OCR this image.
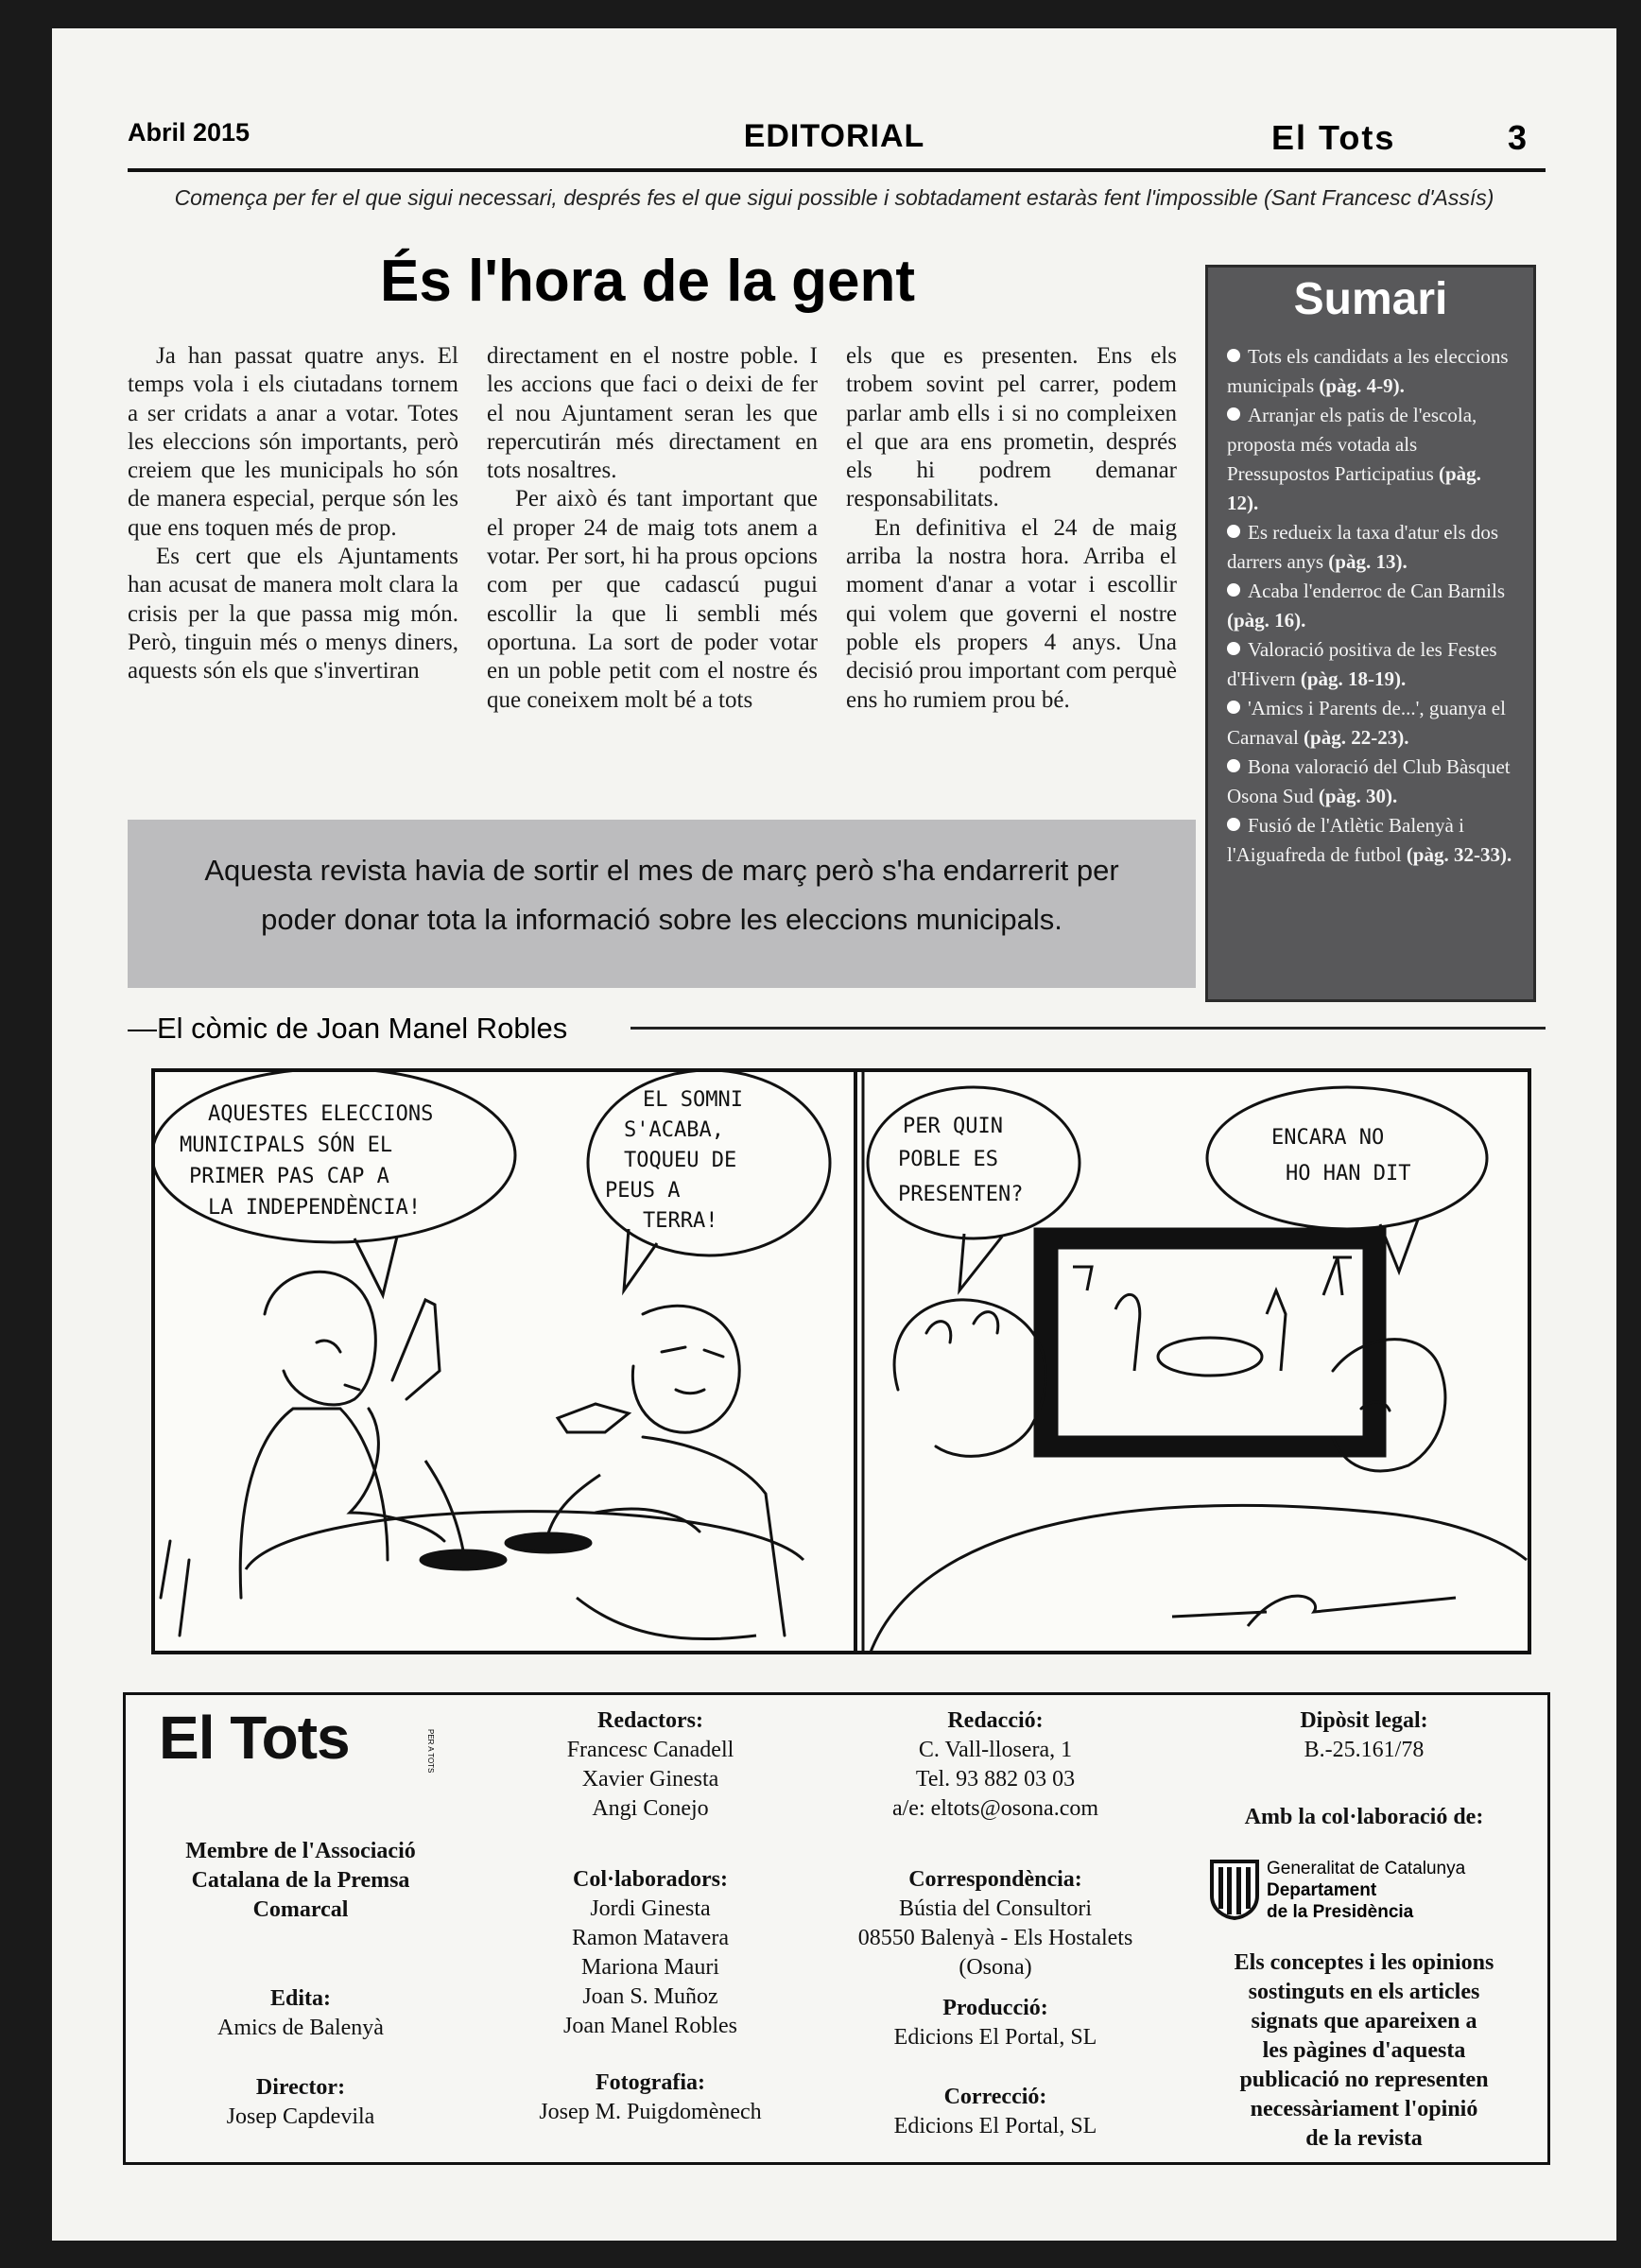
Abril 2015	EDITORIAL	El Tots	3
Comença per fer el que sigui necessari, després fes el que sigui possible i sobtadament estaràs fent l'impossible (Sant Francesc d'Assís)
És l'hora de la gent

Ja han passat quatre anys. El temps vola i els ciutadans tornem a ser cridats a anar a votar. Totes les eleccions són importants, però creiem que les municipals ho són de manera especial, perque són les que ens toquen més de prop.

Es cert que els Ajuntaments han acusat de manera molt clara la crisis per la que passa mig món. Però, tinguin més o menys diners, aquests són els que s'invertiran

directament en el nostre poble. I les accions que faci o deixi de fer el nou Ajuntament seran les que repercutirán més directament en tots nosaltres.

Per això és tant important que el proper 24 de maig tots anem a votar. Per sort, hi ha prous opcions com per que cadascú pugui escollir la que li sembli més oportuna. La sort de poder votar en un poble petit com el nostre és que coneixem molt bé a tots

els que es presenten. Ens els trobem sovint pel carrer, podem parlar amb ells i si no compleixen el que ara ens prometin, després els hi podrem demanar responsabilitats.

En definitiva el 24 de maig arriba la nostra hora. Arriba el moment d'anar a votar i escollir qui volem que governi el nostre poble els propers 4 anys. Una decisió prou important com perquè ens ho rumiem prou bé.

Sumari
Tots els candidats a les eleccions municipals (pàg. 4-9).
Arranjar els patis de l'escola, proposta més votada als Pressupostos Participatius (pàg. 12).
Es redueix la taxa d'atur els dos darrers anys (pàg. 13).
Acaba l'enderroc de Can Barnils (pàg. 16).
Valoració positiva de les Festes d'Hivern (pàg. 18-19).
'Amics i Parents de...', guanya el Carnaval (pàg. 22-23).
Bona valoració del Club Bàsquet Osona Sud (pàg. 30).
Fusió de l'Atlètic Balenyà i l'Aiguafreda de futbol (pàg. 32-33).
Aquesta revista havia de sortir el mes de març però s'ha endarrerit per
poder donar tota la informació sobre les eleccions municipals.
—El còmic de Joan Manel Robles
AQUESTES ELECCIONS MUNICIPALS SÓN EL PRIMER PAS CAP A LA INDEPENDÈNCIA!
EL SOMNI S'ACABA, TOQUEU DE PEUS A TERRA!
PER QUIN POBLE ES PRESENTEN?
ENCARA NO HO HAN DIT
El Tots	PER A TOTS
Membre de l'Associació
Catalana de la Premsa
Comarcal
Edita:
Amics de Balenyà
Director:
Josep Capdevila
Redactors:
Francesc Canadell
Xavier Ginesta
Angi Conejo
Col·laboradors:
Jordi Ginesta
Ramon Matavera
Mariona Mauri
Joan S. Muñoz
Joan Manel Robles
Fotografia:
Josep M. Puigdomènech
Redacció:
C. Vall-llosera, 1
Tel. 93 882 03 03
a/e: eltots@osona.com
Correspondència:
Bústia del Consultori
08550 Balenyà - Els Hostalets
(Osona)
Producció:
Edicions El Portal, SL
Correcció:
Edicions El Portal, SL
Dipòsit legal:
B.-25.161/78
Amb la col·laboració de:
Generalitat de Catalunya
Departament
de la Presidència
Els conceptes i les opinions
sostinguts en els articles
signats que apareixen a
les pàgines d'aquesta
publicació no representen
necessàriament l'opinió
de la revista
